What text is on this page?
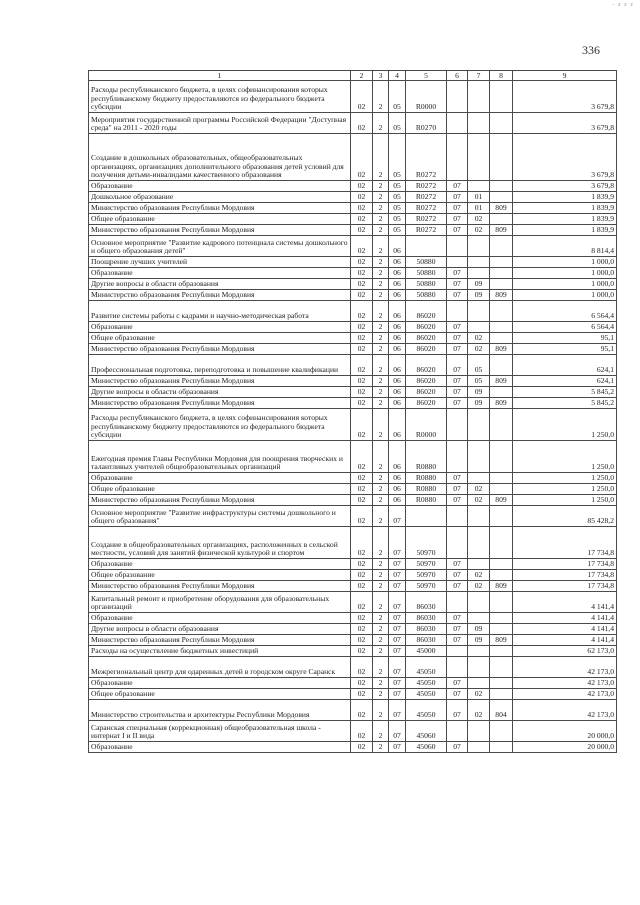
- z z z
336
1	2	3	4	5	6	7	8	9
Расходы республиканского бюджета, в целях софинансирования которых республиканскому бюджету предоставляются из федерального бюджета субсидии	02	2	05	R0000				3 679,8
Мероприятия государственной программы Российской Федерации "Доступная среда" на 2011 - 2020 годы	02	2	05	R0270				3 679,8
Создание в дошкольных образовательных, общеобразовательных организациях, организациях дополнительного образования детей условий для получения детьми-инвалидами качественного образования	02	2	05	R0272				3 679,8
Образование	02	2	05	R0272	07			3 679,8
Дошкольное образование	02	2	05	R0272	07	01		1 839,9
Министерство образования Республики Мордовия	02	2	05	R0272	07	01	809	1 839,9
Общее образование	02	2	05	R0272	07	02		1 839,9
Министерство образования Республики Мордовия	02	2	05	R0272	07	02	809	1 839,9
Основное мероприятие "Развитие кадрового потенциала системы дошкольного и общего образования детей"	02	2	06					8 814,4
Поощрение лучших учителей	02	2	06	50880				1 000,0
Образование	02	2	06	50880	07			1 000,0
Другие вопросы в области образования	02	2	06	50880	07	09		1 000,0
Министерство образования Республики Мордовия	02	2	06	50880	07	09	809	1 000,0
Развитие системы работы с кадрами и научно-методическая работа	02	2	06	86020				6 564,4
Образование	02	2	06	86020	07			6 564,4
Общее образование	02	2	06	86020	07	02		95,1
Министерство образования Республики Мордовия	02	2	06	86020	07	02	809	95,1
Профессиональная подготовка, переподготовка и повышение квалификации	02	2	06	86020	07	05		624,1
Министерство образования Республики Мордовия	02	2	06	86020	07	05	809	624,1
Другие вопросы в области образования	02	2	06	86020	07	09		5 845,2
Министерство образования Республики Мордовия	02	2	06	86020	07	09	809	5 845,2
Расходы республиканского бюджета, в целях софинансирования которых республиканскому бюджету предоставляются из федерального бюджета субсидии	02	2	06	R0000				1 250,0
Ежегодная премия Главы Республики Мордовия для поощрения творческих и талантливых учителей общеобразовательных организаций	02	2	06	R0880				1 250,0
Образование	02	2	06	R0880	07			1 250,0
Общее образование	02	2	06	R0880	07	02		1 250,0
Министерство образования Республики Мордовия	02	2	06	R0880	07	02	809	1 250,0
Основное мероприятие "Развитие инфраструктуры системы дошкольного и общего образования"	02	2	07					85 428,2
Создание в общеобразовательных организациях, расположенных в сельской местности, условий для занятий физической культурой и спортом	02	2	07	50970				17 734,8
Образование	02	2	07	50970	07			17 734,8
Общее образование	02	2	07	50970	07	02		17 734,8
Министерство образования Республики Мордовия	02	2	07	50970	07	02	809	17 734,8
Капитальный ремонт и приобретение оборудования для образовательных организаций	02	2	07	86030				4 141,4
Образование	02	2	07	86030	07			4 141,4
Другие вопросы в области образования	02	2	07	86030	07	09		4 141,4
Министерство образования Республики Мордовия	02	2	07	86030	07	09	809	4 141,4
Расходы на осуществление бюджетных инвестиций	02	2	07	45000				62 173,0
Межрегиональный центр для одаренных детей в городском округе Саранск	02	2	07	45050				42 173,0
Образование	02	2	07	45050	07			42 173,0
Общее образование	02	2	07	45050	07	02		42 173,0
Министерство строительства и архитектуры Республики Мордовия	02	2	07	45050	07	02	804	42 173,0
Саранская специальная (коррекционная) общеобразовательная школа - интернат I и II вида	02	2	07	45060				20 000,0
Образование	02	2	07	45060	07			20 000,0
